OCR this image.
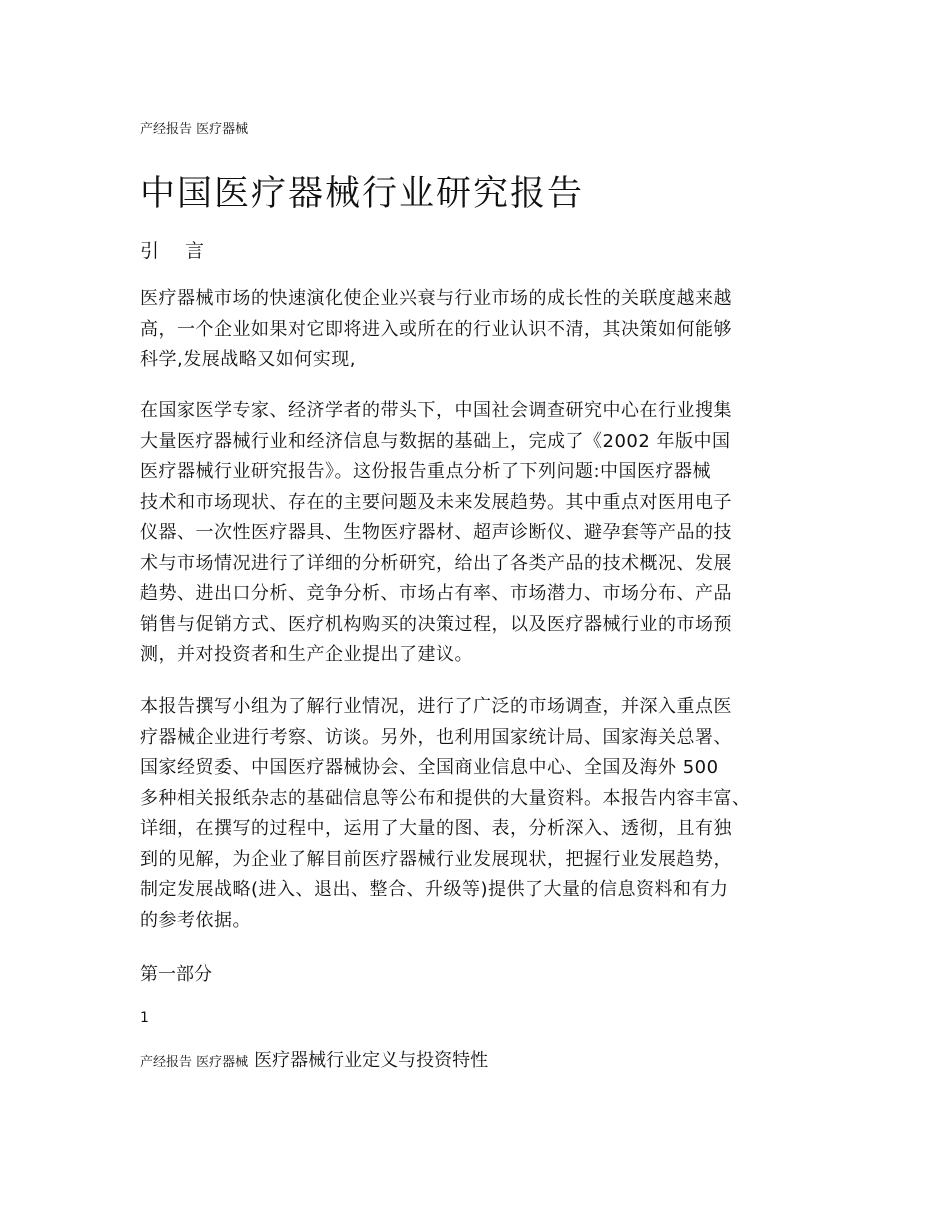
产经报告 医疗器械
中国医疗器械行业研究报告
引 言

医疗器械市场的快速演化使企业兴衰与行业市场的成长性的关联度越来越
高，一个企业如果对它即将进入或所在的行业认识不清，其决策如何能够
科学,发展战略又如何实现,

在国家医学专家、经济学者的带头下，中国社会调查研究中心在行业搜集
大量医疗器械行业和经济信息与数据的基础上，完成了《2002 年版中国
医疗器械行业研究报告》。这份报告重点分析了下列问题:中国医疗器械
技术和市场现状、存在的主要问题及未来发展趋势。其中重点对医用电子
仪器、一次性医疗器具、生物医疗器材、超声诊断仪、避孕套等产品的技
术与市场情况进行了详细的分析研究，给出了各类产品的技术概况、发展
趋势、进出口分析、竞争分析、市场占有率、市场潜力、市场分布、产品
销售与促销方式、医疗机构购买的决策过程，以及医疗器械行业的市场预
测，并对投资者和生产企业提出了建议。

本报告撰写小组为了解行业情况，进行了广泛的市场调查，并深入重点医
疗器械企业进行考察、访谈。另外，也利用国家统计局、国家海关总署、
国家经贸委、中国医疗器械协会、全国商业信息中心、全国及海外 500
多种相关报纸杂志的基础信息等公布和提供的大量资料。本报告内容丰富、
详细，在撰写的过程中，运用了大量的图、表，分析深入、透彻，且有独
到的见解，为企业了解目前医疗器械行业发展现状，把握行业发展趋势，
制定发展战略(进入、退出、整合、升级等)提供了大量的信息资料和有力
的参考依据。

第一部分
1
产经报告 医疗器械 医疗器械行业定义与投资特性
